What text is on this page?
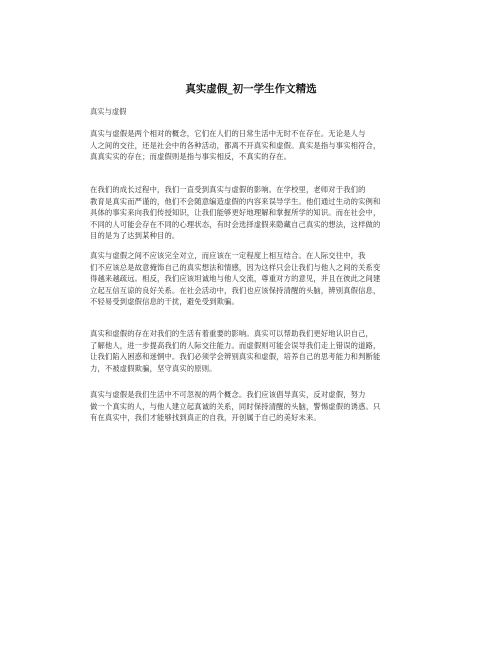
真实虚假_初一学生作文精选
真实与虚假
真实与虚假是两个相对的概念，它们在人们的日常生活中无时不在存在。无论是人与
人之间的交往，还是社会中的各种活动，都离不开真实和虚假。真实是指与事实相符合，
真真实实的存在；而虚假则是指与事实相反，不真实的存在。
在我们的成长过程中，我们一直受到真实与虚假的影响。在学校里，老师对于我们的
教育是真实而严谨的，他们不会随意编造虚假的内容来误导学生。他们通过生动的实例和
具体的事实来向我们传授知识，让我们能够更好地理解和掌握所学的知识。而在社会中，
不同的人可能会存在不同的心理状态，有时会选择虚假来隐藏自己真实的想法，这样做的
目的是为了达到某种目的。
真实与虚假之间不应该完全对立，而应该在一定程度上相互结合。在人际交往中，我
们不应该总是故意掩饰自己的真实想法和情感，因为这样只会让我们与他人之间的关系变
得越来越疏远。相反，我们应该坦诚地与他人交流，尊重对方的意见，并且在彼此之间建
立起互信互谅的良好关系。在社会活动中，我们也应该保持清醒的头脑，辨别真假信息，
不轻易受到虚假信息的干扰，避免受到欺骗。
真实和虚假的存在对我们的生活有着重要的影响。真实可以帮助我们更好地认识自己，
了解他人，进一步提高我们的人际交往能力。而虚假则可能会误导我们走上错误的道路，
让我们陷入困惑和迷惘中。我们必须学会辨别真实和虚假，培养自己的思考能力和判断能
力，不被虚假欺骗，坚守真实的原则。
真实与虚假是我们生活中不可忽视的两个概念。我们应该倡导真实，反对虚假，努力
做一个真实的人，与他人建立起真诚的关系，同时保持清醒的头脑，警惕虚假的诱惑。只
有在真实中，我们才能够找到真正的自我，开创属于自己的美好未来。
